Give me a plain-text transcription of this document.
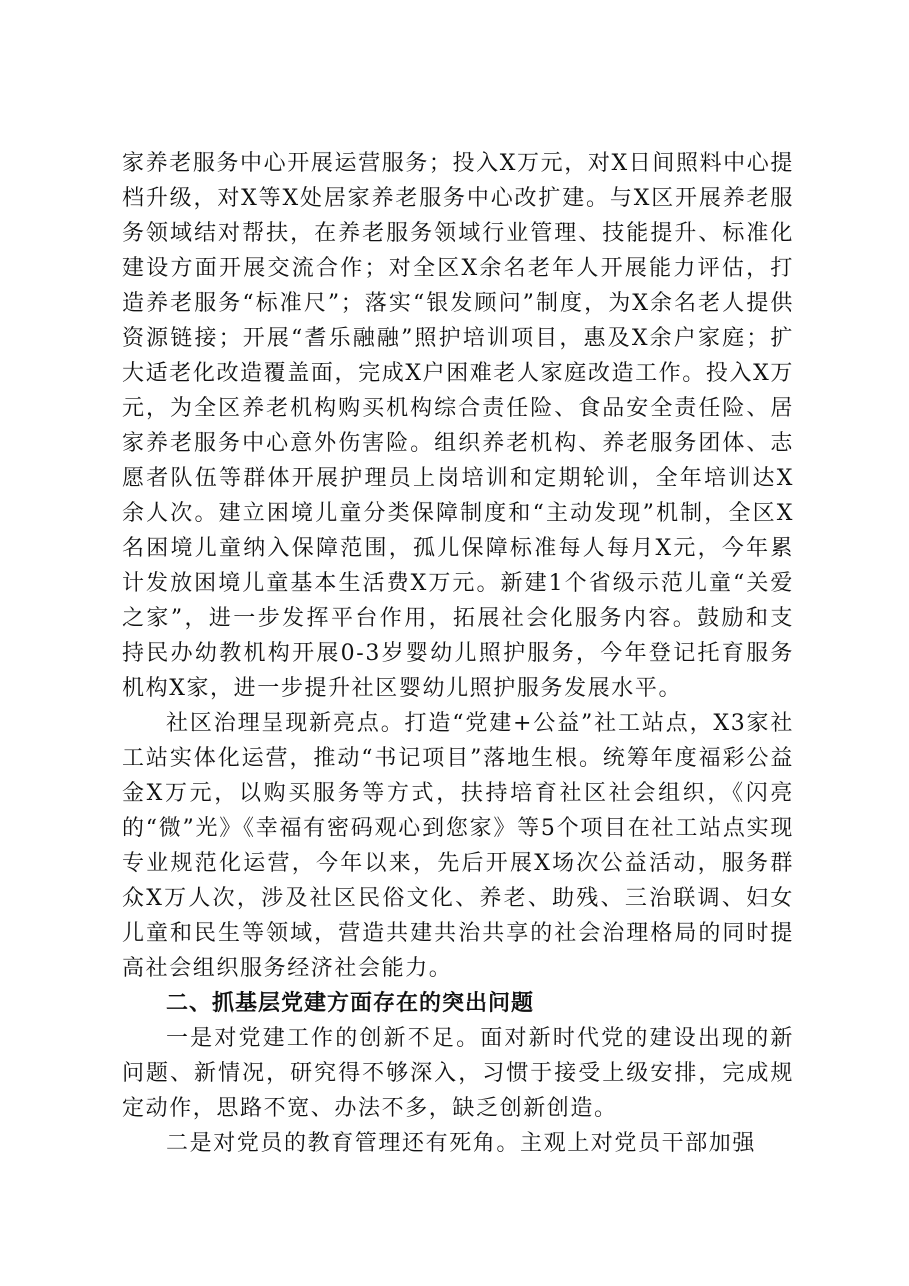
家养老服务中心开展运营服务；投入X万元，对X日间照料中心提档升级，对X等X处居家养老服务中心改扩建。与X区开展养老服务领域结对帮扶，在养老服务领域行业管理、技能提升、标准化建设方面开展交流合作；对全区X余名老年人开展能力评估，打造养老服务“标准尺”；落实“银发顾问”制度，为X余名老人提供资源链接；开展“耆乐融融”照护培训项目，惠及X余户家庭；扩大适老化改造覆盖面，完成X户困难老人家庭改造工作。投入X万元，为全区养老机构购买机构综合责任险、食品安全责任险、居家养老服务中心意外伤害险。组织养老机构、养老服务团体、志愿者队伍等群体开展护理员上岗培训和定期轮训，全年培训达X余人次。建立困境儿童分类保障制度和“主动发现”机制，全区X名困境儿童纳入保障范围，孤儿保障标准每人每月X元，今年累计发放困境儿童基本生活费X万元。新建1个省级示范儿童“关爱之家”，进一步发挥平台作用，拓展社会化服务内容。鼓励和支持民办幼教机构开展0-3岁婴幼儿照护服务，今年登记托育服务机构X家，进一步提升社区婴幼儿照护服务发展水平。

社区治理呈现新亮点。打造“党建+公益”社工站点，X3家社工站实体化运营，推动“书记项目”落地生根。统筹年度福彩公益金X万元，以购买服务等方式，扶持培育社区社会组织，《闪亮的“微”光》《幸福有密码观心到您家》等5个项目在社工站点实现专业规范化运营，今年以来，先后开展X场次公益活动，服务群众X万人次，涉及社区民俗文化、养老、助残、三治联调、妇女儿童和民生等领域，营造共建共治共享的社会治理格局的同时提高社会组织服务经济社会能力。

二、抓基层党建方面存在的突出问题

一是对党建工作的创新不足。面对新时代党的建设出现的新问题、新情况，研究得不够深入，习惯于接受上级安排，完成规定动作，思路不宽、办法不多，缺乏创新创造。

二是对党员的教育管理还有死角。主观上对党员干部加强
